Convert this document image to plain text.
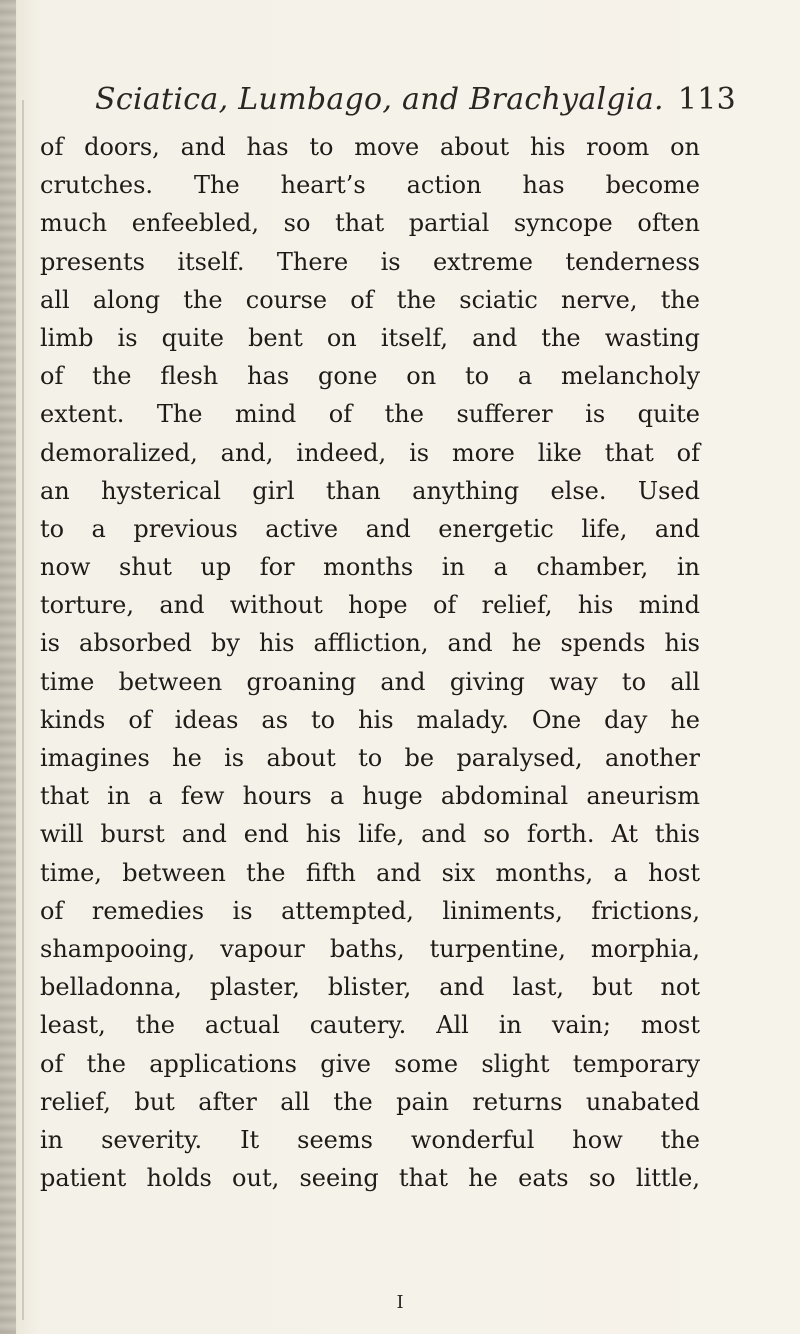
Sciatica, Lumbago, and Brachyalgia. 113
of doors, and has to move about his room on
crutches. The heart’s action has become
much enfeebled, so that partial syncope often
presents itself. There is extreme tenderness
all along the course of the sciatic nerve, the
limb is quite bent on itself, and the wasting
of the flesh has gone on to a melancholy
extent. The mind of the sufferer is quite
demoralized, and, indeed, is more like that of
an hysterical girl than anything else. Used
to a previous active and energetic life, and
now shut up for months in a chamber, in
torture, and without hope of relief, his mind
is absorbed by his affliction, and he spends his
time between groaning and giving way to all
kinds of ideas as to his malady. One day he
imagines he is about to be paralysed, another
that in a few hours a huge abdominal aneurism
will burst and end his life, and so forth. At this
time, between the fifth and six months, a host
of remedies is attempted, liniments, frictions,
shampooing, vapour baths, turpentine, morphia,
belladonna, plaster, blister, and last, but not
least, the actual cautery. All in vain; most
of the applications give some slight temporary
relief, but after all the pain returns unabated
in severity. It seems wonderful how the
patient holds out, seeing that he eats so little,
I
